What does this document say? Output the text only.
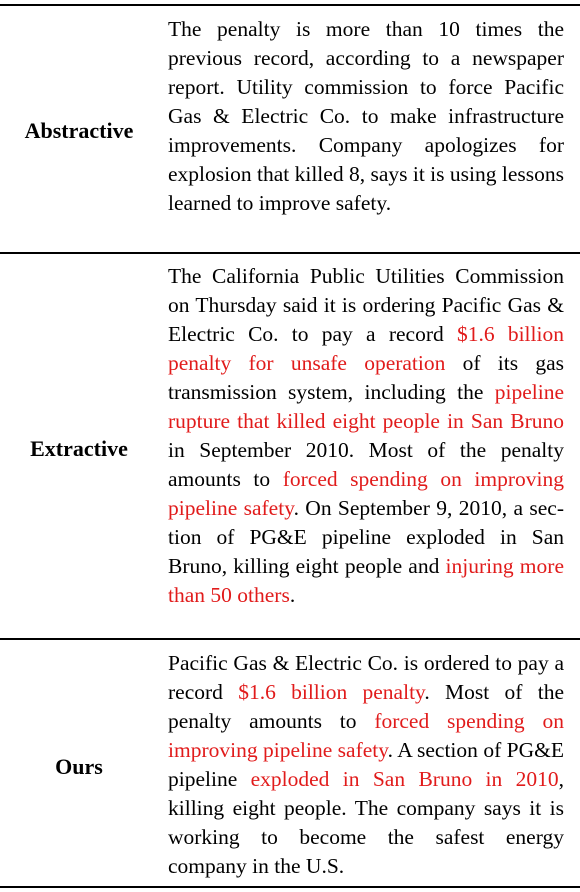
Abstractive
The penalty is more than 10 times the previous record, according to a newspaper report. Utility commission to force Pacific Gas & Electric Co. to make infrastructure improvements. Company apologizes for explosion that killed 8, says it is using lessons learned to improve safety.
Extractive
The California Public Utilities Commission on Thursday said it is ordering Pacific Gas & Electric Co. to pay a record $1.6 billion penalty for unsafe operation of its gas transmission system, including the pipeline rupture that killed eight people in San Bruno in September 2010. Most of the penalty amounts to forced spending on improving pipeline safety. On September 9, 2010, a section of PG&E pipeline exploded in San Bruno, killing eight people and injuring more than 50 others.
Ours
Pacific Gas & Electric Co. is ordered to pay a record $1.6 billion penalty. Most of the penalty amounts to forced spending on improving pipeline safety. A section of PG&E pipeline exploded in San Bruno in 2010, killing eight people. The company says it is working to become the safest energy company in the U.S.
